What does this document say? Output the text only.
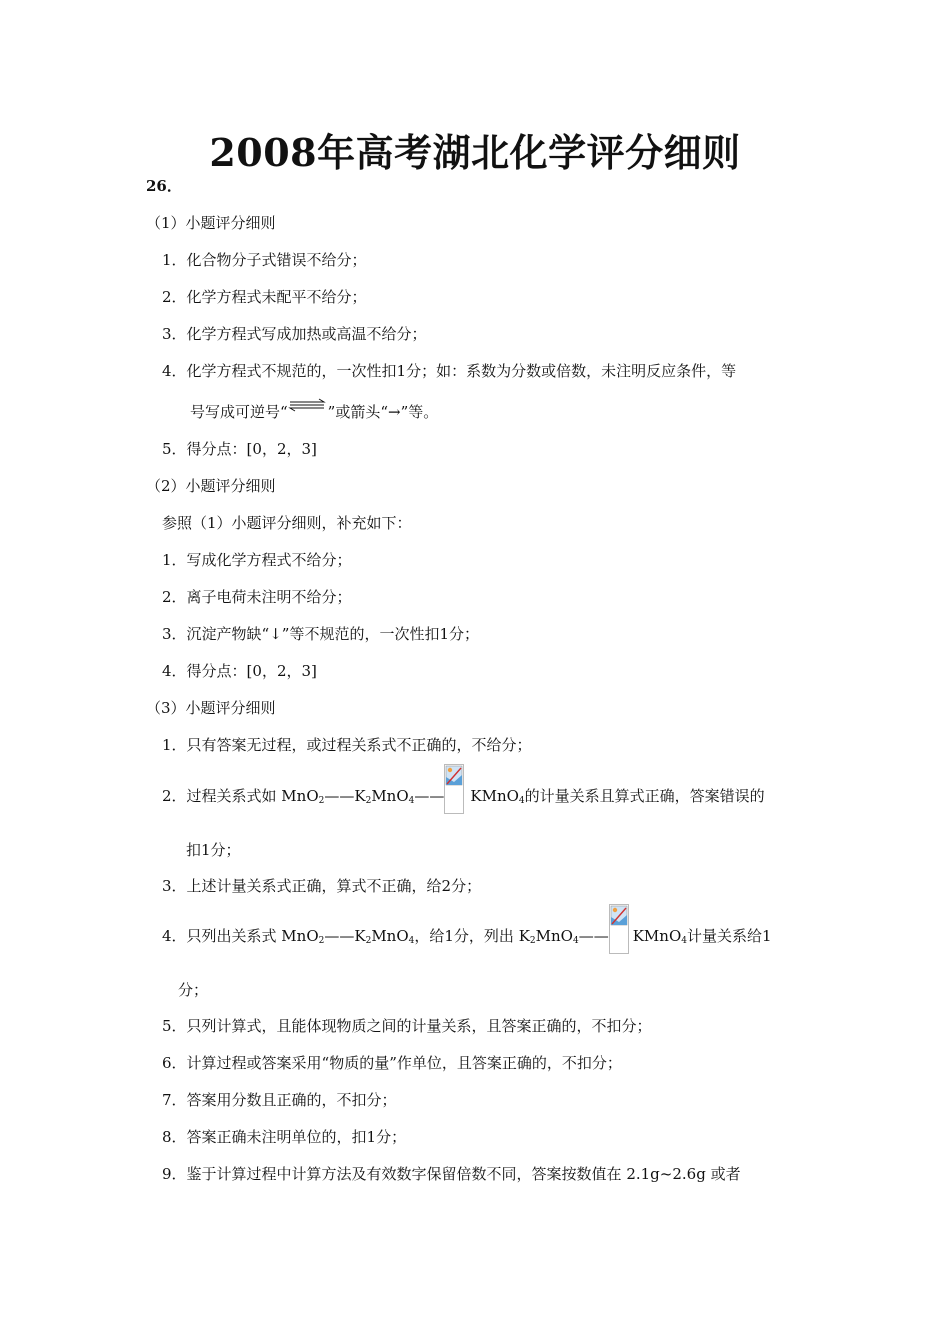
2008年高考湖北化学评分细则
26．
（1）小题评分细则
1．化合物分子式错误不给分；
2．化学方程式未配平不给分；
3．化学方程式写成加热或高温不给分；
4．化学方程式不规范的，一次性扣1分；如：系数为分数或倍数，未注明反应条件，等
号写成可逆号“	”或箭头“→”等。
5．得分点：[0，2，3]
（2）小题评分细则
参照（1）小题评分细则，补充如下：
1．写成化学方程式不给分；
2．离子电荷未注明不给分；
3．沉淀产物缺“↓”等不规范的，一次性扣1分；
4．得分点：[0，2，3]
（3）小题评分细则
1．只有答案无过程，或过程关系式不正确的，不给分；
2．过程关系式如 $MnO_2——K_2MnO_4——$ KMnO$_4$的计量关系且算式正确，答案错误的
扣1分；
3．上述计量关系式正确，算式不正确，给2分；
4．只列出关系式 $MnO_2——K_2MnO_4$，给1分，列出 $K_2MnO_4——$ KMnO$_4$计量关系给1
分；
5．只列计算式，且能体现物质之间的计量关系，且答案正确的，不扣分；
6．计算过程或答案采用“物质的量”作单位，且答案正确的，不扣分；
7．答案用分数且正确的，不扣分；
8．答案正确未注明单位的，扣1分；
9．鉴于计算过程中计算方法及有效数字保留倍数不同，答案按数值在 2.1g~2.6g 或者
